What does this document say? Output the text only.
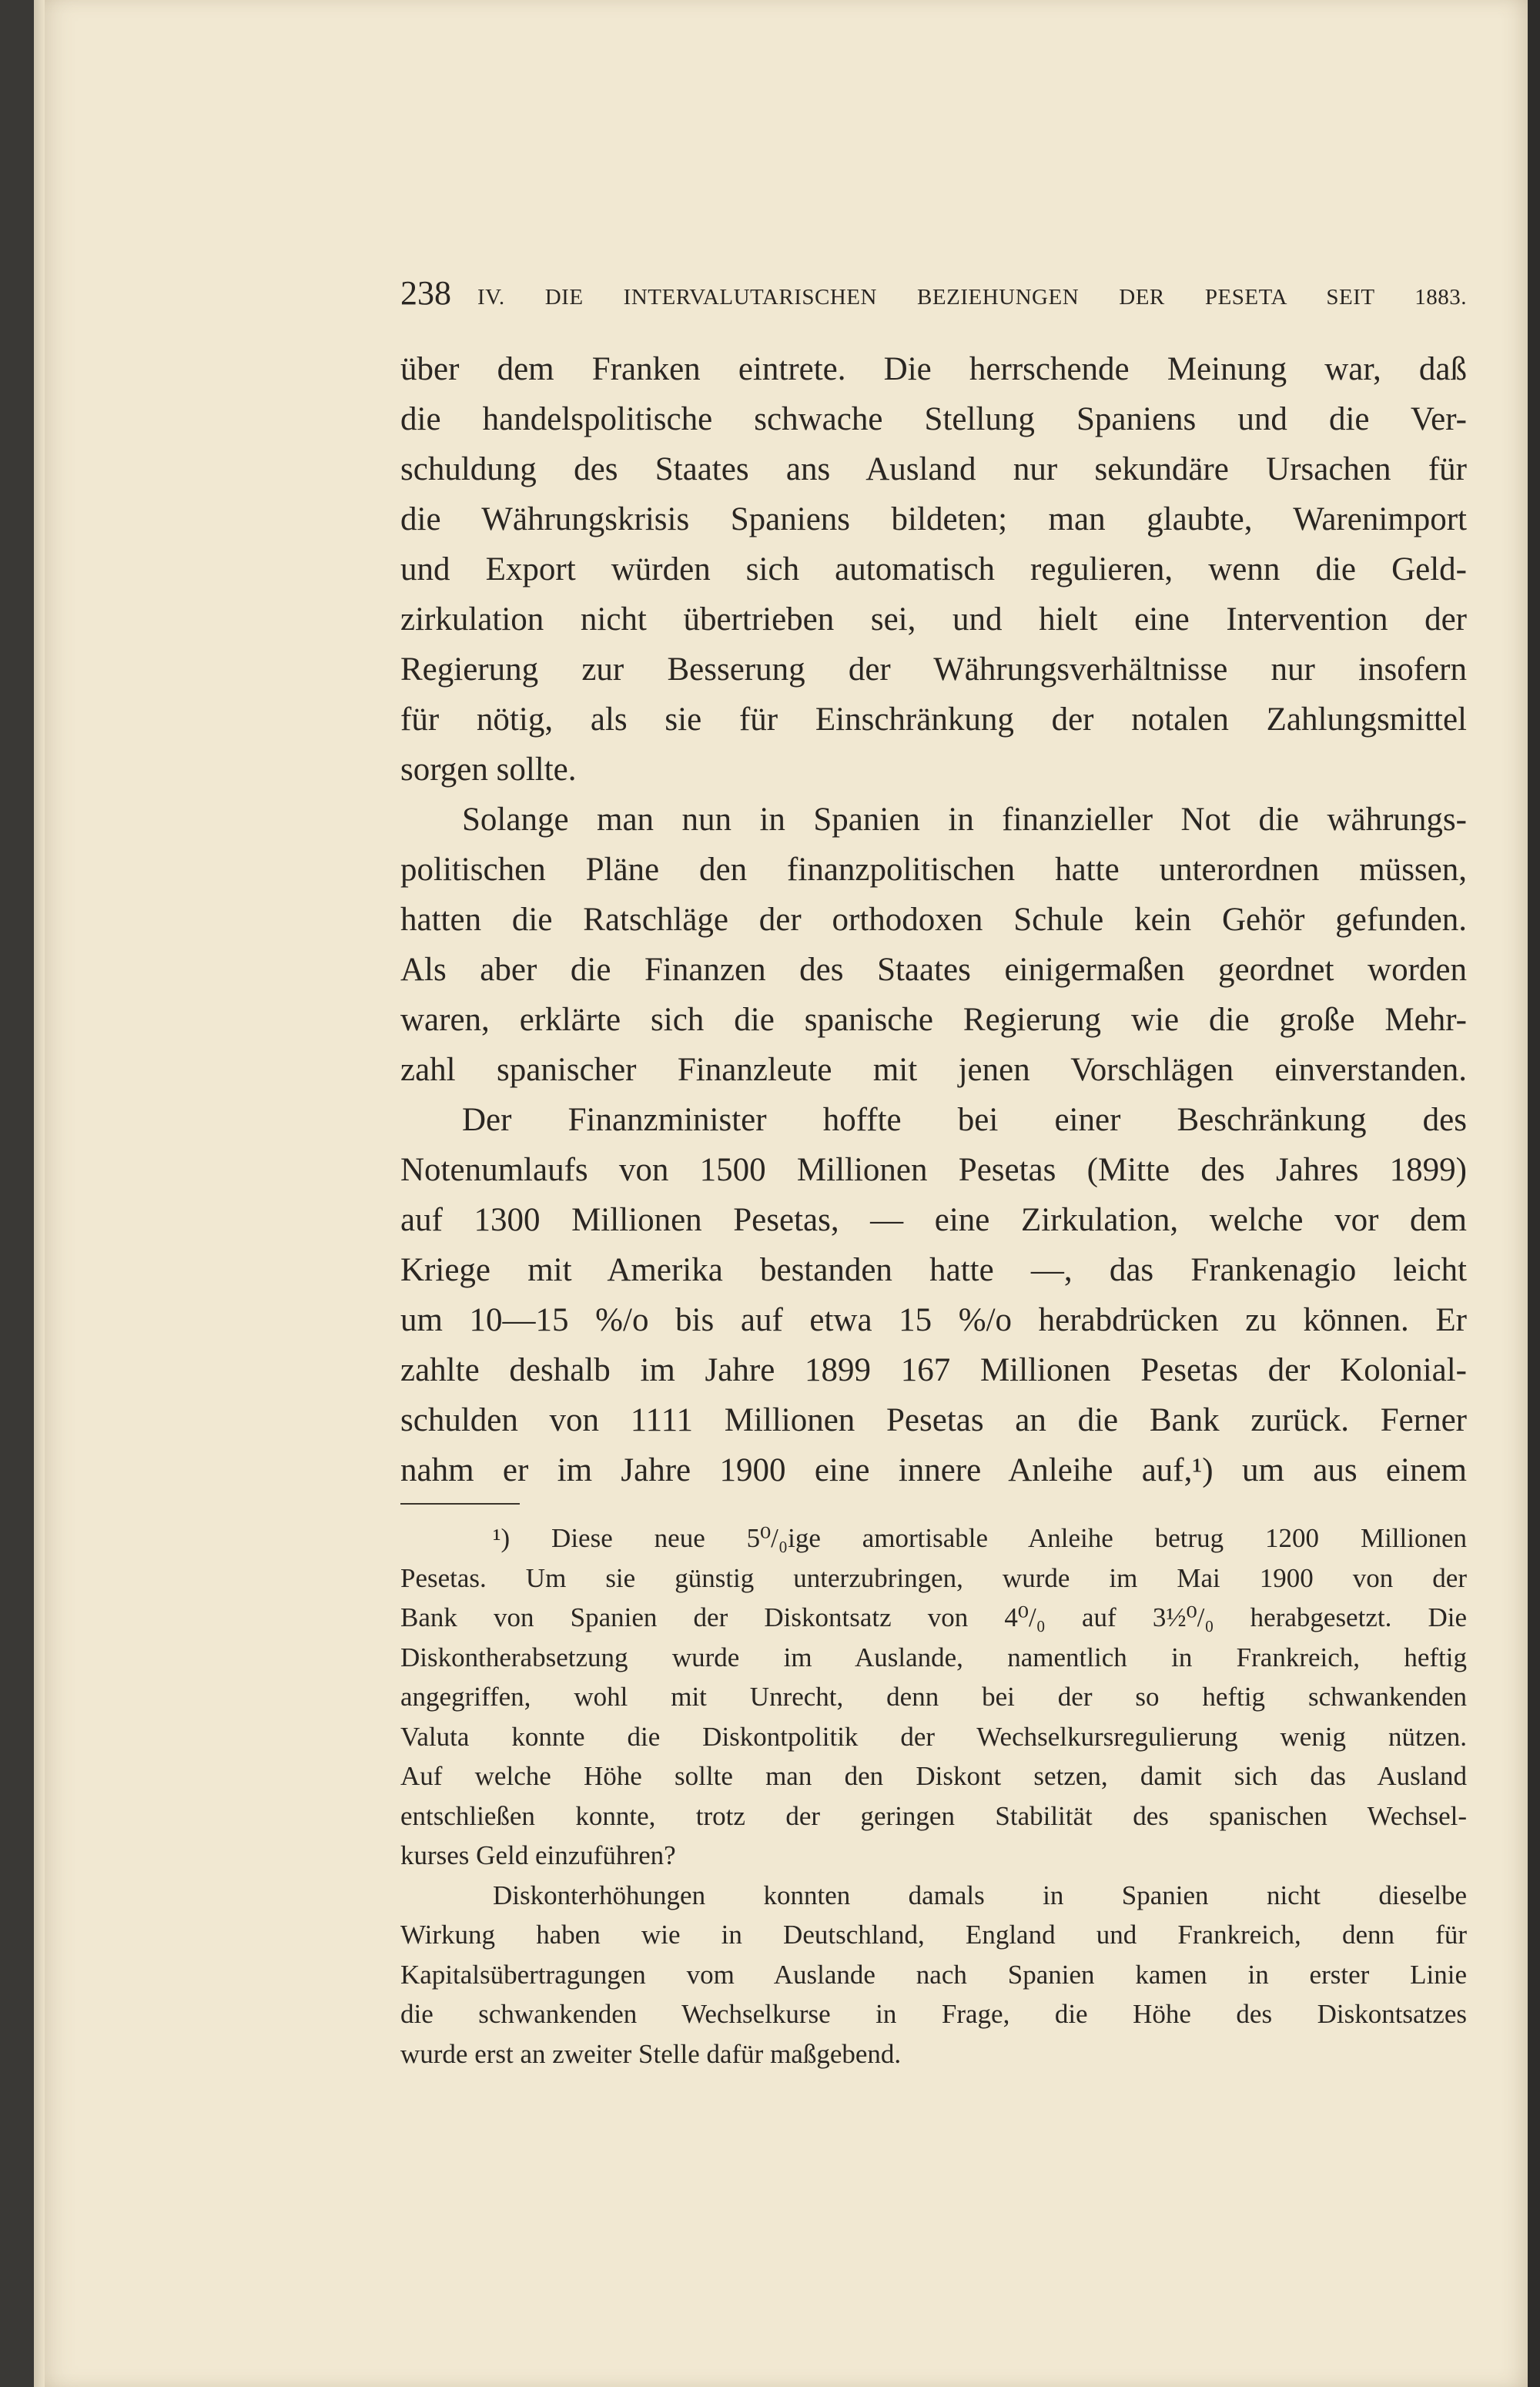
238 IV. DIE INTERVALUTARISCHEN BEZIEHUNGEN DER PESETA SEIT 1883.
über dem Franken eintrete. Die herrschende Meinung war, daß
die handelspolitische schwache Stellung Spaniens und die Ver-
schuldung des Staates ans Ausland nur sekundäre Ursachen für
die Währungskrisis Spaniens bildeten; man glaubte, Warenimport
und Export würden sich automatisch regulieren, wenn die Geld-
zirkulation nicht übertrieben sei, und hielt eine Intervention der
Regierung zur Besserung der Währungsverhältnisse nur insofern
für nötig, als sie für Einschränkung der notalen Zahlungsmittel
sorgen sollte.
Solange man nun in Spanien in finanzieller Not die währungs-
politischen Pläne den finanzpolitischen hatte unterordnen müssen,
hatten die Ratschläge der orthodoxen Schule kein Gehör gefunden.
Als aber die Finanzen des Staates einigermaßen geordnet worden
waren, erklärte sich die spanische Regierung wie die große Mehr-
zahl spanischer Finanzleute mit jenen Vorschlägen einverstanden.
Der Finanzminister hoffte bei einer Beschränkung des
Notenumlaufs von 1500 Millionen Pesetas (Mitte des Jahres 1899)
auf 1300 Millionen Pesetas, — eine Zirkulation, welche vor dem
Kriege mit Amerika bestanden hatte —, das Frankenagio leicht
um 10—15 %/o bis auf etwa 15 %/o herabdrücken zu können. Er
zahlte deshalb im Jahre 1899 167 Millionen Pesetas der Kolonial-
schulden von 1111 Millionen Pesetas an die Bank zurück. Ferner
nahm er im Jahre 1900 eine innere Anleihe auf,¹) um aus einem
¹) Diese neue 5⁰/₀ige amortisable Anleihe betrug 1200 Millionen
Pesetas. Um sie günstig unterzubringen, wurde im Mai 1900 von der
Bank von Spanien der Diskontsatz von 4⁰/₀ auf 3½⁰/₀ herabgesetzt. Die
Diskontherabsetzung wurde im Auslande, namentlich in Frankreich, heftig
angegriffen, wohl mit Unrecht, denn bei der so heftig schwankenden
Valuta konnte die Diskontpolitik der Wechselkursregulierung wenig nützen.
Auf welche Höhe sollte man den Diskont setzen, damit sich das Ausland
entschließen konnte, trotz der geringen Stabilität des spanischen Wechsel-
kurses Geld einzuführen?
Diskonterhöhungen konnten damals in Spanien nicht dieselbe
Wirkung haben wie in Deutschland, England und Frankreich, denn für
Kapitalsübertragungen vom Auslande nach Spanien kamen in erster Linie
die schwankenden Wechselkurse in Frage, die Höhe des Diskontsatzes
wurde erst an zweiter Stelle dafür maßgebend.
